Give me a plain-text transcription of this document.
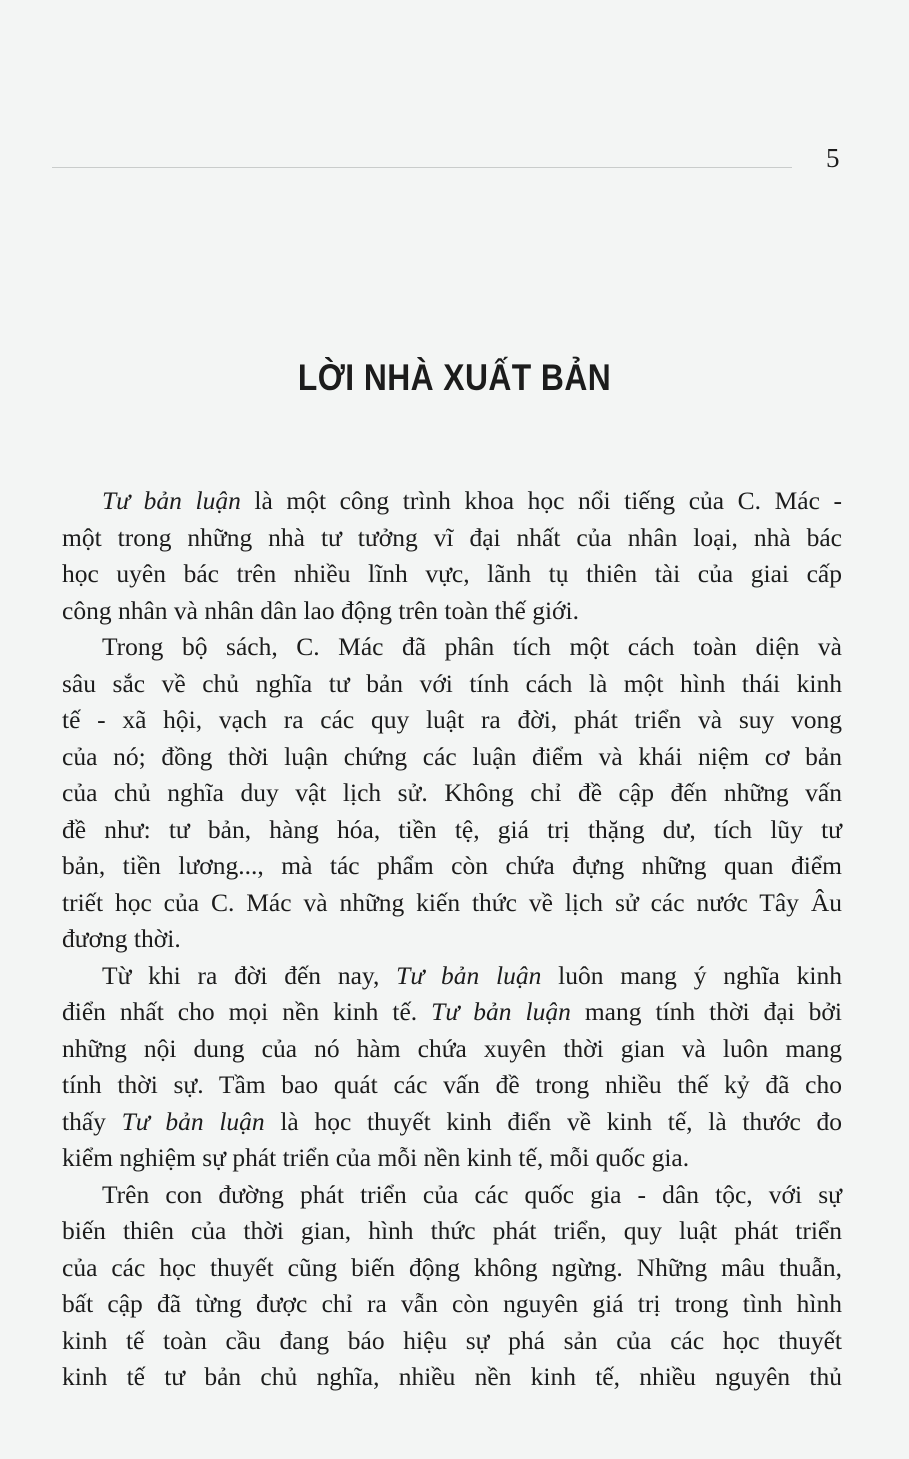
5
LỜI NHÀ XUẤT BẢN
Tư bản luận là một công trình khoa học nổi tiếng của C. Mác -
một trong những nhà tư tưởng vĩ đại nhất của nhân loại, nhà bác
học uyên bác trên nhiều lĩnh vực, lãnh tụ thiên tài của giai cấp
công nhân và nhân dân lao động trên toàn thế giới.
Trong bộ sách, C. Mác đã phân tích một cách toàn diện và
sâu sắc về chủ nghĩa tư bản với tính cách là một hình thái kinh
tế - xã hội, vạch ra các quy luật ra đời, phát triển và suy vong
của nó; đồng thời luận chứng các luận điểm và khái niệm cơ bản
của chủ nghĩa duy vật lịch sử. Không chỉ đề cập đến những vấn
đề như: tư bản, hàng hóa, tiền tệ, giá trị thặng dư, tích lũy tư
bản, tiền lương..., mà tác phẩm còn chứa đựng những quan điểm
triết học của C. Mác và những kiến thức về lịch sử các nước Tây Âu
đương thời.
Từ khi ra đời đến nay, Tư bản luận luôn mang ý nghĩa kinh
điển nhất cho mọi nền kinh tế. Tư bản luận mang tính thời đại bởi
những nội dung của nó hàm chứa xuyên thời gian và luôn mang
tính thời sự. Tầm bao quát các vấn đề trong nhiều thế kỷ đã cho
thấy Tư bản luận là học thuyết kinh điển về kinh tế, là thước đo
kiểm nghiệm sự phát triển của mỗi nền kinh tế, mỗi quốc gia.
Trên con đường phát triển của các quốc gia - dân tộc, với sự
biến thiên của thời gian, hình thức phát triển, quy luật phát triển
của các học thuyết cũng biến động không ngừng. Những mâu thuẫn,
bất cập đã từng được chỉ ra vẫn còn nguyên giá trị trong tình hình
kinh tế toàn cầu đang báo hiệu sự phá sản của các học thuyết
kinh tế tư bản chủ nghĩa, nhiều nền kinh tế, nhiều nguyên thủ
